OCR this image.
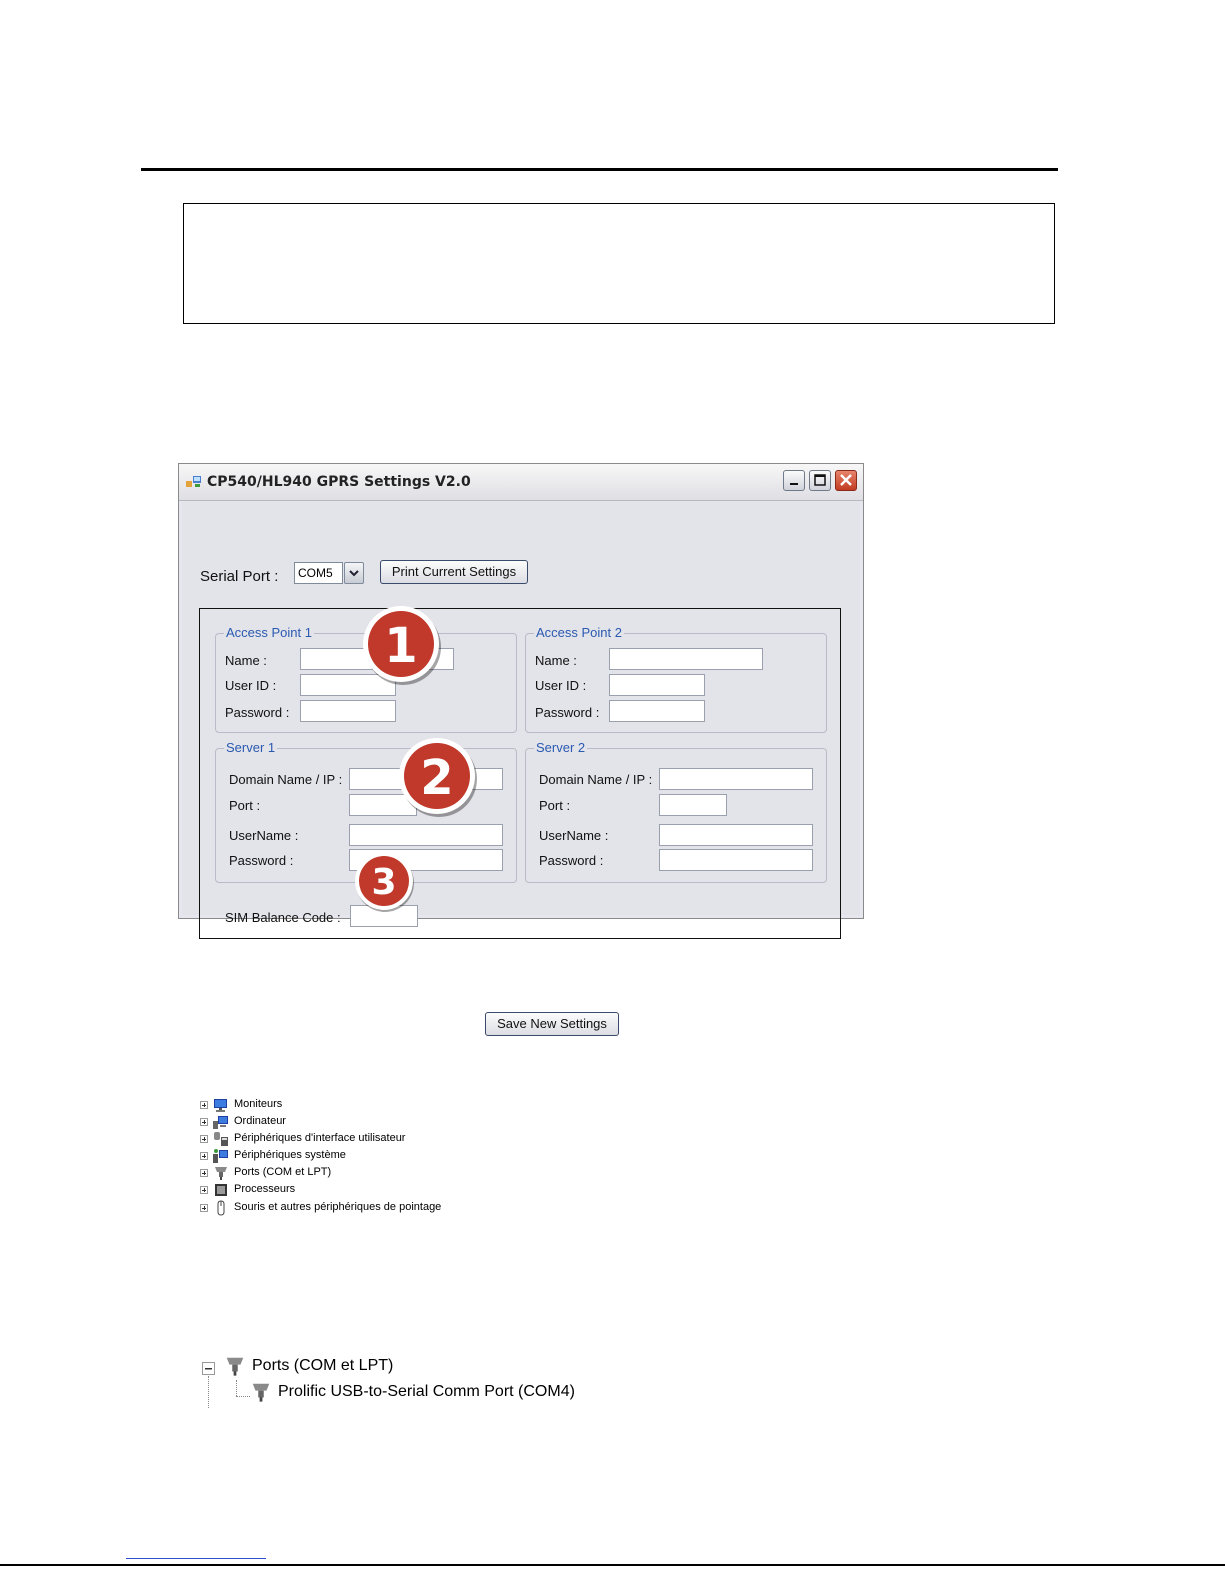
CP540/HL940 GPRS Settings V2.0
Serial Port :	COM5	Print Current Settings
Access Point 1
Name :
User ID :
Password :
Access Point 2
Name :
User ID :
Password :
Server 1
Domain Name / IP :
Port :
UserName :
Password :
Server 2
Domain Name / IP :
Port :
UserName :
Password :
SIM Balance Code :
Save New Settings
1
2
3
Moniteurs
Ordinateur
Périphériques d'interface utilisateur
Périphériques système
Ports (COM et LPT)
Processeurs
Souris et autres périphériques de pointage
Ports (COM et LPT)
Prolific USB-to-Serial Comm Port (COM4)
